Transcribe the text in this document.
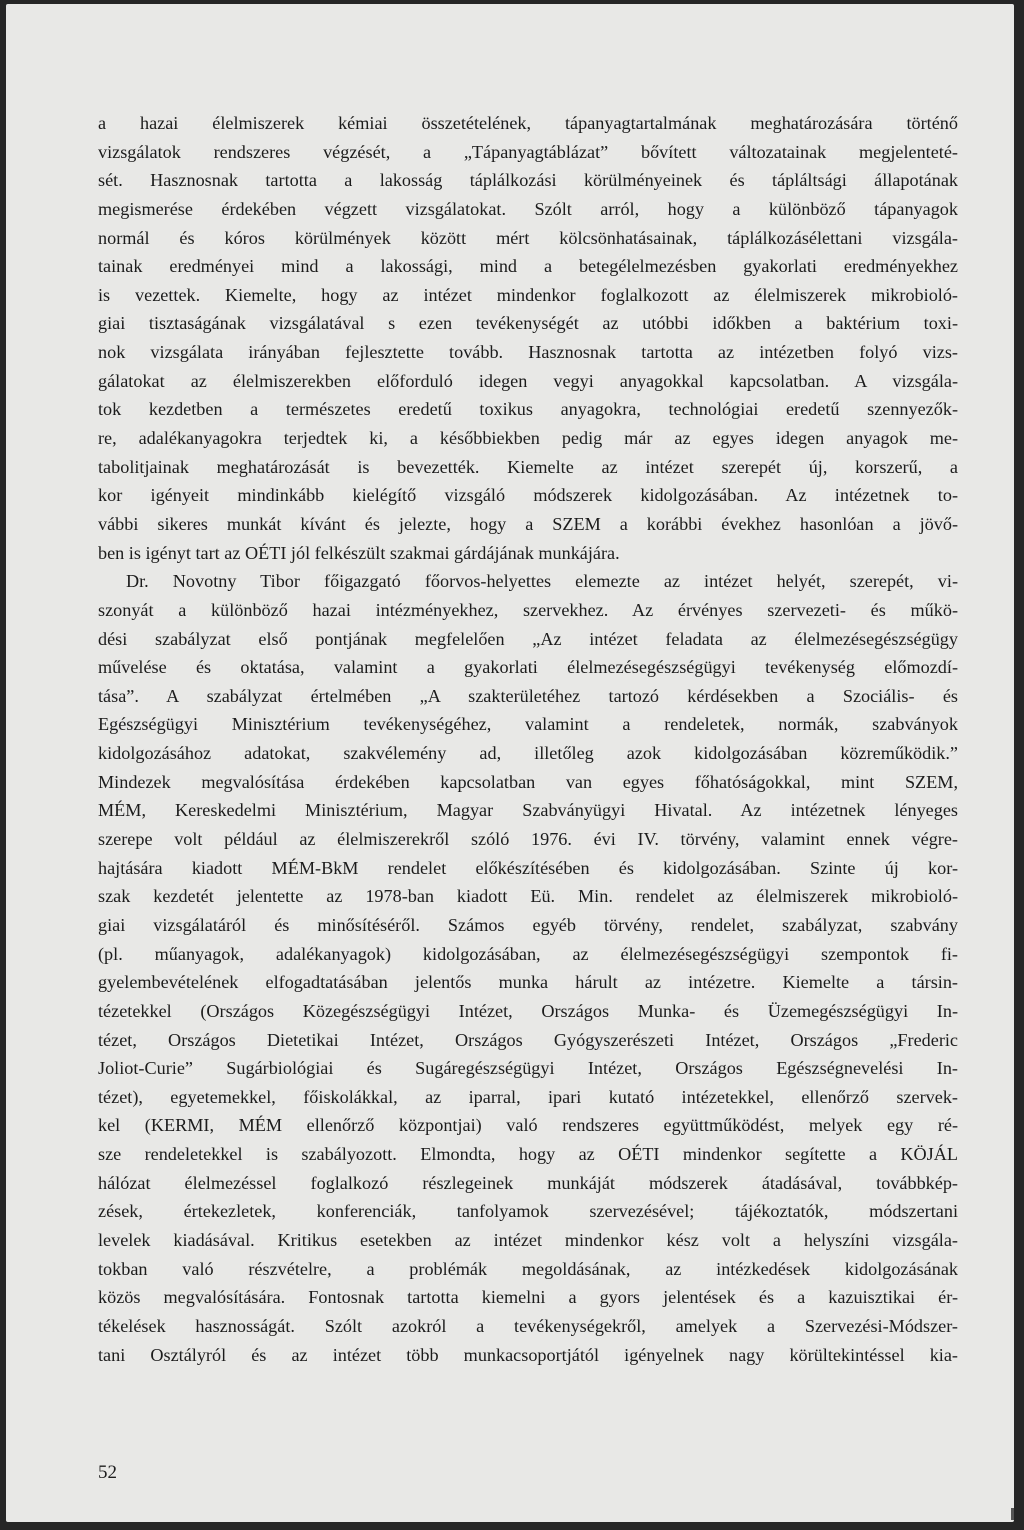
a hazai élelmiszerek kémiai összetételének, tápanyagtartalmának meghatározására történő
vizsgálatok rendszeres végzését, a „Tápanyagtáblázat” bővített változatainak megjelenteté-
sét. Hasznosnak tartotta a lakosság táplálkozási körülményeinek és tápláltsági állapotának
megismerése érdekében végzett vizsgálatokat. Szólt arról, hogy a különböző tápanyagok
normál és kóros körülmények között mért kölcsönhatásainak, táplálkozásélettani vizsgála-
tainak eredményei mind a lakossági, mind a betegélelmezésben gyakorlati eredményekhez
is vezettek. Kiemelte, hogy az intézet mindenkor foglalkozott az élelmiszerek mikrobioló-
giai tisztaságának vizsgálatával s ezen tevékenységét az utóbbi időkben a baktérium toxi-
nok vizsgálata irányában fejlesztette tovább. Hasznosnak tartotta az intézetben folyó vizs-
gálatokat az élelmiszerekben előforduló idegen vegyi anyagokkal kapcsolatban. A vizsgála-
tok kezdetben a természetes eredetű toxikus anyagokra, technológiai eredetű szennyezők-
re, adalékanyagokra terjedtek ki, a későbbiekben pedig már az egyes idegen anyagok me-
tabolitjainak meghatározását is bevezették. Kiemelte az intézet szerepét új, korszerű, a
kor igényeit mindinkább kielégítő vizsgáló módszerek kidolgozásában. Az intézetnek to-
vábbi sikeres munkát kívánt és jelezte, hogy a SZEM a korábbi évekhez hasonlóan a jövő-
ben is igényt tart az OÉTI jól felkészült szakmai gárdájának munkájára.
Dr. Novotny Tibor főigazgató főorvos-helyettes elemezte az intézet helyét, szerepét, vi-
szonyát a különböző hazai intézményekhez, szervekhez. Az érvényes szervezeti- és műkö-
dési szabályzat első pontjának megfelelően „Az intézet feladata az élelmezésegészségügy
művelése és oktatása, valamint a gyakorlati élelmezésegészségügyi tevékenység előmozdí-
tása”. A szabályzat értelmében „A szakterületéhez tartozó kérdésekben a Szociális- és
Egészségügyi Minisztérium tevékenységéhez, valamint a rendeletek, normák, szabványok
kidolgozásához adatokat, szakvélemény ad, illetőleg azok kidolgozásában közreműködik.”
Mindezek megvalósítása érdekében kapcsolatban van egyes főhatóságokkal, mint SZEM,
MÉM, Kereskedelmi Minisztérium, Magyar Szabványügyi Hivatal. Az intézetnek lényeges
szerepe volt például az élelmiszerekről szóló 1976. évi IV. törvény, valamint ennek végre-
hajtására kiadott MÉM-BkM rendelet előkészítésében és kidolgozásában. Szinte új kor-
szak kezdetét jelentette az 1978-ban kiadott Eü. Min. rendelet az élelmiszerek mikrobioló-
giai vizsgálatáról és minősítéséről. Számos egyéb törvény, rendelet, szabályzat, szabvány
(pl. műanyagok, adalékanyagok) kidolgozásában, az élelmezésegészségügyi szempontok fi-
gyelembevételének elfogadtatásában jelentős munka hárult az intézetre. Kiemelte a társin-
tézetekkel (Országos Közegészségügyi Intézet, Országos Munka- és Üzemegészségügyi In-
tézet, Országos Dietetikai Intézet, Országos Gyógyszerészeti Intézet, Országos „Frederic
Joliot-Curie” Sugárbiológiai és Sugáregészségügyi Intézet, Országos Egészségnevelési In-
tézet), egyetemekkel, főiskolákkal, az iparral, ipari kutató intézetekkel, ellenőrző szervek-
kel (KERMI, MÉM ellenőrző központjai) való rendszeres együttműködést, melyek egy ré-
sze rendeletekkel is szabályozott. Elmondta, hogy az OÉTI mindenkor segítette a KÖJÁL
hálózat élelmezéssel foglalkozó részlegeinek munkáját módszerek átadásával, továbbkép-
zések, értekezletek, konferenciák, tanfolyamok szervezésével; tájékoztatók, módszertani
levelek kiadásával. Kritikus esetekben az intézet mindenkor kész volt a helyszíni vizsgála-
tokban való részvételre, a problémák megoldásának, az intézkedések kidolgozásának
közös megvalósítására. Fontosnak tartotta kiemelni a gyors jelentések és a kazuisztikai ér-
tékelések hasznosságát. Szólt azokról a tevékenységekről, amelyek a Szervezési-Módszer-
tani Osztályról és az intézet több munkacsoportjától igényelnek nagy körültekintéssel kia-
52
